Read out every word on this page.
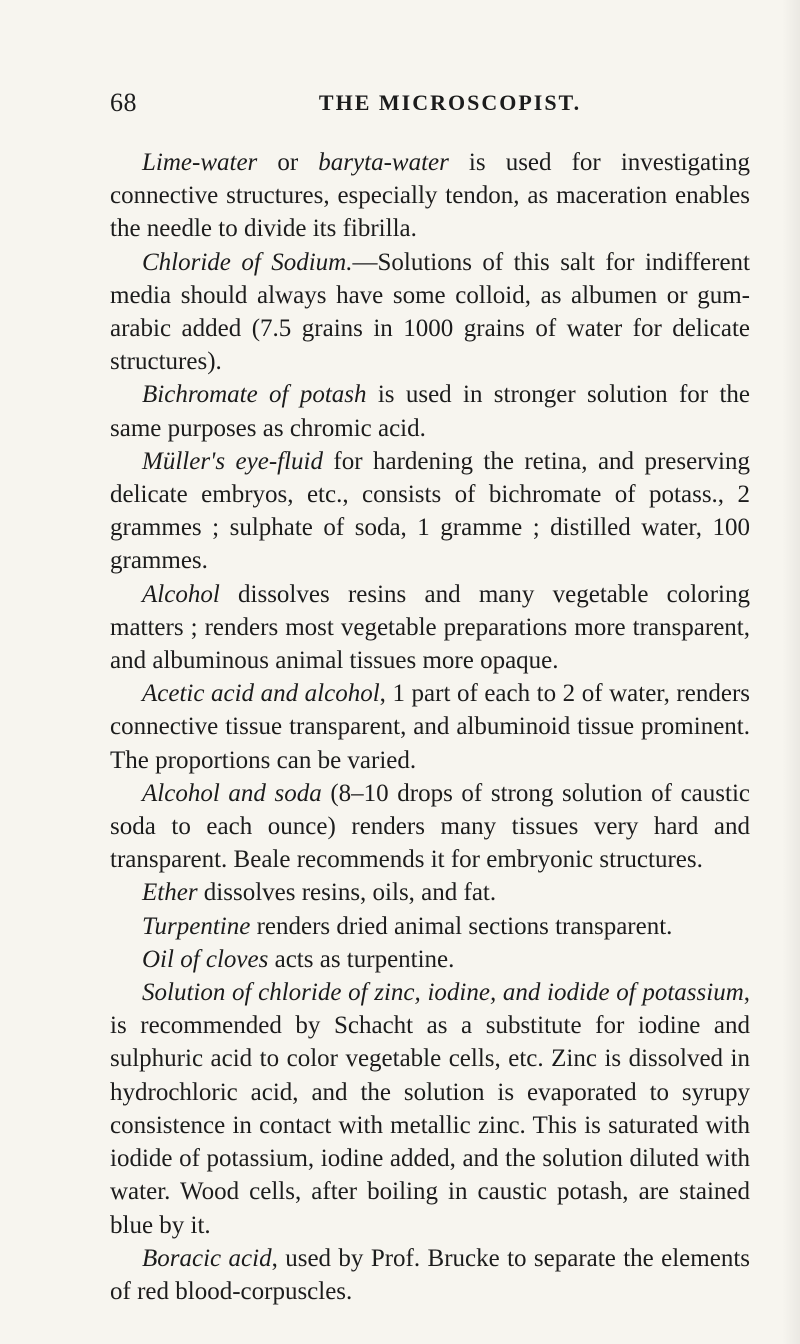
68	THE MICROSCOPIST.

Lime-water or baryta-water is used for investigating connective structures, especially tendon, as maceration enables the needle to divide its fibrilla.

Chloride of Sodium.—Solutions of this salt for indifferent media should always have some colloid, as albumen or gum-arabic added (7.5 grains in 1000 grains of water for delicate structures).

Bichromate of potash is used in stronger solution for the same purposes as chromic acid.

Müller's eye-fluid for hardening the retina, and preserving delicate embryos, etc., consists of bichromate of potass., 2 grammes ; sulphate of soda, 1 gramme ; distilled water, 100 grammes.

Alcohol dissolves resins and many vegetable coloring matters ; renders most vegetable preparations more transparent, and albuminous animal tissues more opaque.

Acetic acid and alcohol, 1 part of each to 2 of water, renders connective tissue transparent, and albuminoid tissue prominent. The proportions can be varied.

Alcohol and soda (8–10 drops of strong solution of caustic soda to each ounce) renders many tissues very hard and transparent. Beale recommends it for embryonic structures.

Ether dissolves resins, oils, and fat.

Turpentine renders dried animal sections transparent.

Oil of cloves acts as turpentine.

Solution of chloride of zinc, iodine, and iodide of potassium, is recommended by Schacht as a substitute for iodine and sulphuric acid to color vegetable cells, etc. Zinc is dissolved in hydrochloric acid, and the solution is evaporated to syrupy consistence in contact with metallic zinc. This is saturated with iodide of potassium, iodine added, and the solution diluted with water. Wood cells, after boiling in caustic potash, are stained blue by it.

Boracic acid, used by Prof. Brucke to separate the elements of red blood-corpuscles.
